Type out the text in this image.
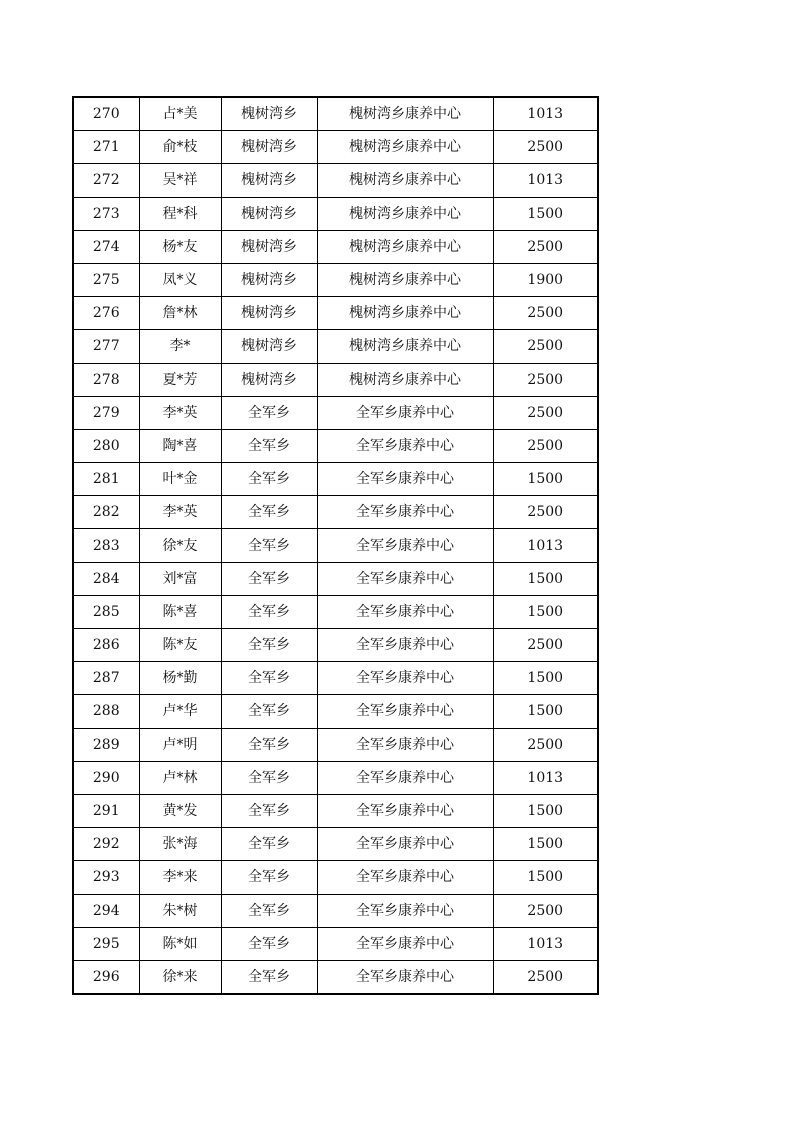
270	占*美	槐树湾乡	槐树湾乡康养中心	1013
271	俞*枝	槐树湾乡	槐树湾乡康养中心	2500
272	吴*祥	槐树湾乡	槐树湾乡康养中心	1013
273	程*科	槐树湾乡	槐树湾乡康养中心	1500
274	杨*友	槐树湾乡	槐树湾乡康养中心	2500
275	凤*义	槐树湾乡	槐树湾乡康养中心	1900
276	詹*林	槐树湾乡	槐树湾乡康养中心	2500
277	李*	槐树湾乡	槐树湾乡康养中心	2500
278	夏*芳	槐树湾乡	槐树湾乡康养中心	2500
279	李*英	全军乡	全军乡康养中心	2500
280	陶*喜	全军乡	全军乡康养中心	2500
281	叶*金	全军乡	全军乡康养中心	1500
282	李*英	全军乡	全军乡康养中心	2500
283	徐*友	全军乡	全军乡康养中心	1013
284	刘*富	全军乡	全军乡康养中心	1500
285	陈*喜	全军乡	全军乡康养中心	1500
286	陈*友	全军乡	全军乡康养中心	2500
287	杨*勤	全军乡	全军乡康养中心	1500
288	卢*华	全军乡	全军乡康养中心	1500
289	卢*明	全军乡	全军乡康养中心	2500
290	卢*林	全军乡	全军乡康养中心	1013
291	黄*发	全军乡	全军乡康养中心	1500
292	张*海	全军乡	全军乡康养中心	1500
293	李*来	全军乡	全军乡康养中心	1500
294	朱*树	全军乡	全军乡康养中心	2500
295	陈*如	全军乡	全军乡康养中心	1013
296	徐*来	全军乡	全军乡康养中心	2500
